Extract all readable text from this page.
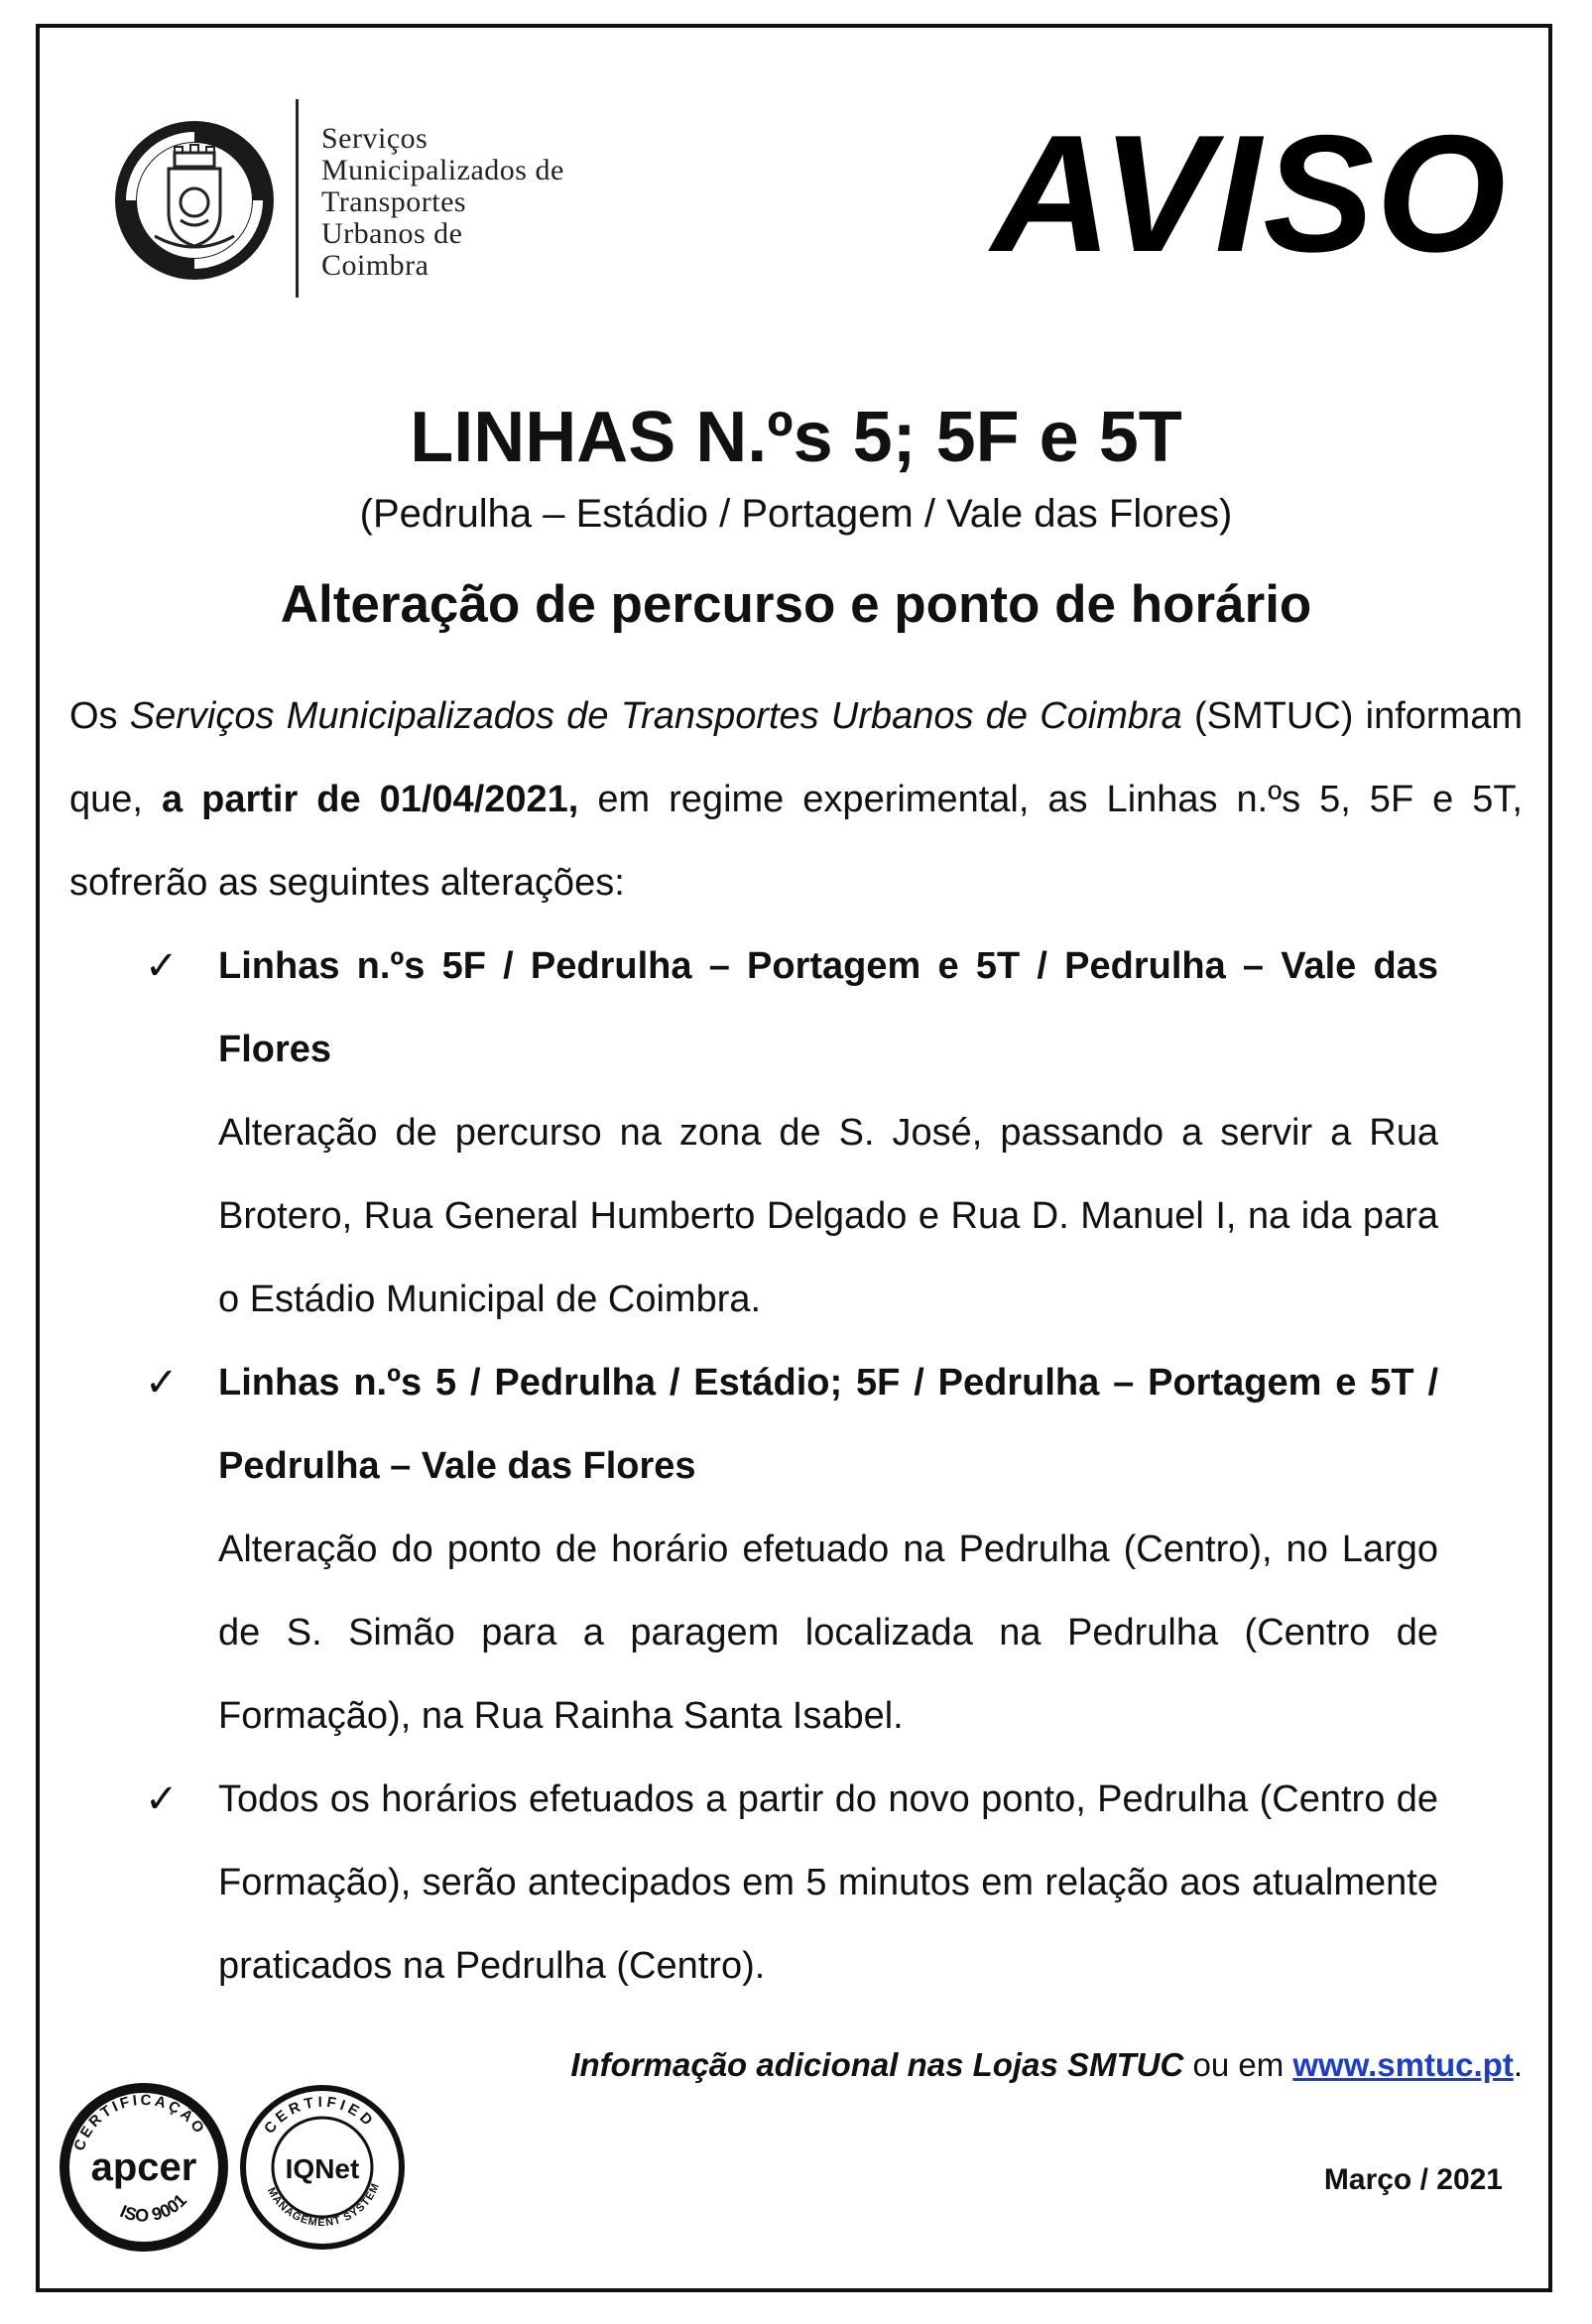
Serviços
Municipalizados de
Transportes
Urbanos de
Coimbra	AVISO
LINHAS N.ºs 5; 5F e 5T
(Pedrulha – Estádio / Portagem / Vale das Flores)
Alteração de percurso e ponto de horário
Os Serviços Municipalizados de Transportes Urbanos de Coimbra (SMTUC) informam que, a partir de 01/04/2021, em regime experimental, as Linhas n.ºs 5, 5F e 5T, sofrerão as seguintes alterações:
✓ Linhas n.ºs 5F / Pedrulha – Portagem e 5T / Pedrulha – Vale das Flores
Alteração de percurso na zona de S. José, passando a servir a Rua Brotero, Rua General Humberto Delgado e Rua D. Manuel I, na ida para o Estádio Municipal de Coimbra.
✓ Linhas n.ºs 5 / Pedrulha / Estádio; 5F / Pedrulha – Portagem e 5T / Pedrulha – Vale das Flores
Alteração do ponto de horário efetuado na Pedrulha (Centro), no Largo de S. Simão para a paragem localizada na Pedrulha (Centro de Formação), na Rua Rainha Santa Isabel.
✓ Todos os horários efetuados a partir do novo ponto, Pedrulha (Centro de Formação), serão antecipados em 5 minutos em relação aos atualmente praticados na Pedrulha (Centro).
Informação adicional nas Lojas SMTUC ou em www.smtuc.pt.
Março / 2021
CERTIFICAÇÃO
apcer
ISO 9001
CERTIFIED
IQNet
MANAGEMENT SYSTEM
